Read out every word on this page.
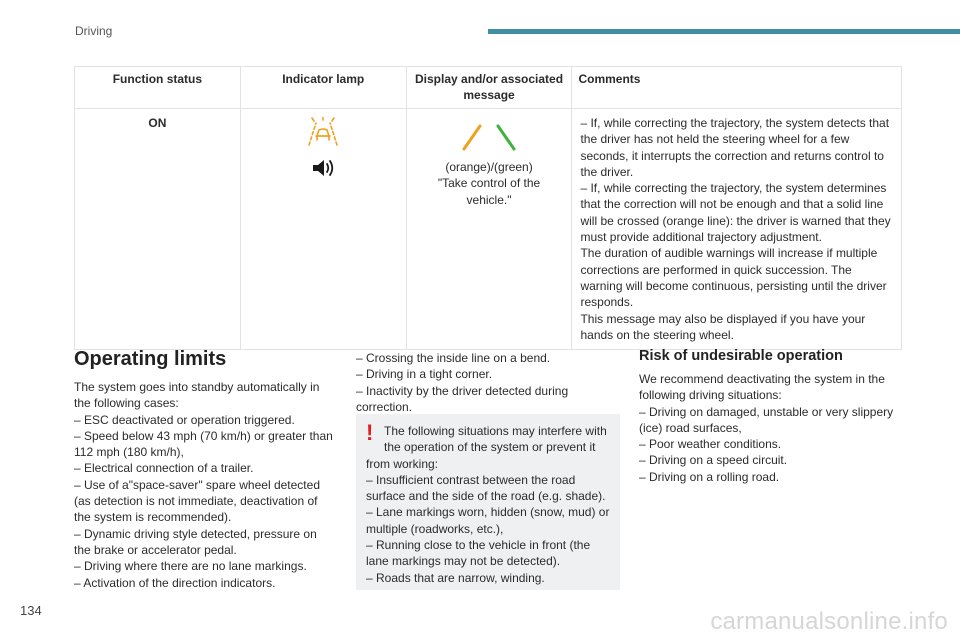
Driving
Function status	Indicator lamp	Display and/or associated message	Comments
ON		(orange)/(green)
"Take control of the vehicle."	– If, while correcting the trajectory, the system detects that the driver has not held the steering wheel for a few seconds, it interrupts the correction and returns control to the driver.
– If, while correcting the trajectory, the system determines that the correction will not be enough and that a solid line will be crossed (orange line): the driver is warned that they must provide additional trajectory adjustment.
The duration of audible warnings will increase if multiple corrections are performed in quick succession. The warning will become continuous, persisting until the driver responds.
This message may also be displayed if you have your hands on the steering wheel.
Operating limits
The system goes into standby automatically in the following cases:
– ESC deactivated or operation triggered.
– Speed below 43 mph (70 km/h) or greater than 112 mph (180 km/h),
– Electrical connection of a trailer.
– Use of a"space-saver" spare wheel detected (as detection is not immediate, deactivation of the system is recommended).
– Dynamic driving style detected, pressure on the brake or accelerator pedal.
– Driving where there are no lane markings.
– Activation of the direction indicators.
– Crossing the inside line on a bend.
– Driving in a tight corner.
– Inactivity by the driver detected during correction.
! The following situations may interfere with the operation of the system or prevent it from working:
– Insufficient contrast between the road surface and the side of the road (e.g. shade).
– Lane markings worn, hidden (snow, mud) or multiple (roadworks, etc.),
– Running close to the vehicle in front (the lane markings may not be detected).
– Roads that are narrow, winding.
Risk of undesirable operation
We recommend deactivating the system in the following driving situations:
– Driving on damaged, unstable or very slippery (ice) road surfaces,
– Poor weather conditions.
– Driving on a speed circuit.
– Driving on a rolling road.
134	carmanualsonline.info
